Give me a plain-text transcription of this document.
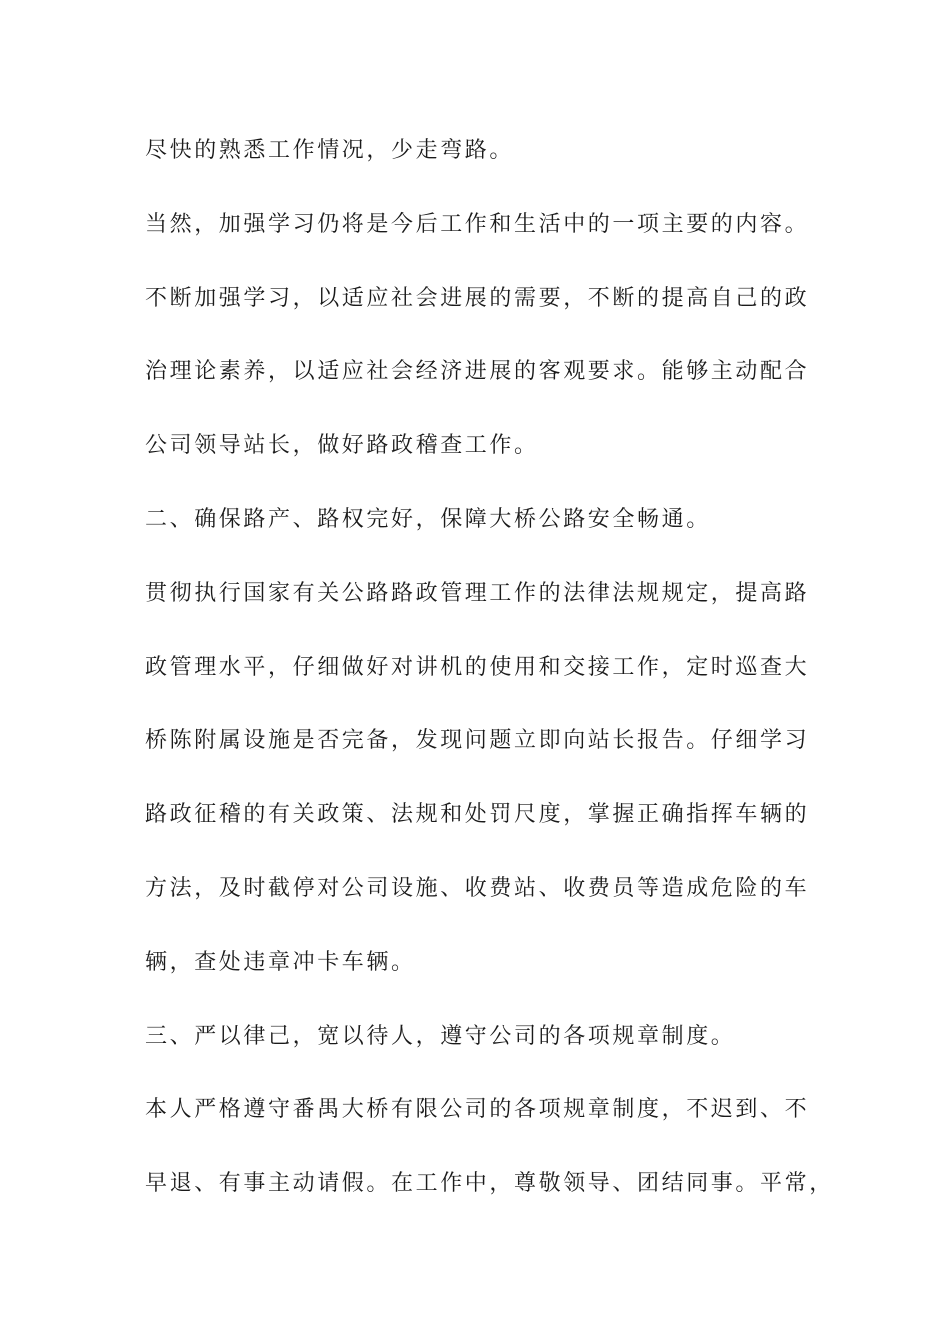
尽快的熟悉工作情况，少走弯路。
当然，加强学习仍将是今后工作和生活中的一项主要的内容。
不断加强学习，以适应社会进展的需要，不断的提高自己的政
治理论素养，以适应社会经济进展的客观要求。能够主动配合
公司领导站长，做好路政稽查工作。
二、确保路产、路权完好，保障大桥公路安全畅通。
贯彻执行国家有关公路路政管理工作的法律法规规定，提高路
政管理水平，仔细做好对讲机的使用和交接工作，定时巡查大
桥陈附属设施是否完备，发现问题立即向站长报告。仔细学习
路政征稽的有关政策、法规和处罚尺度，掌握正确指挥车辆的
方法，及时截停对公司设施、收费站、收费员等造成危险的车
辆，查处违章冲卡车辆。
三、严以律己，宽以待人，遵守公司的各项规章制度。
本人严格遵守番禺大桥有限公司的各项规章制度，不迟到、不
早退、有事主动请假。在工作中，尊敬领导、团结同事。平常，
